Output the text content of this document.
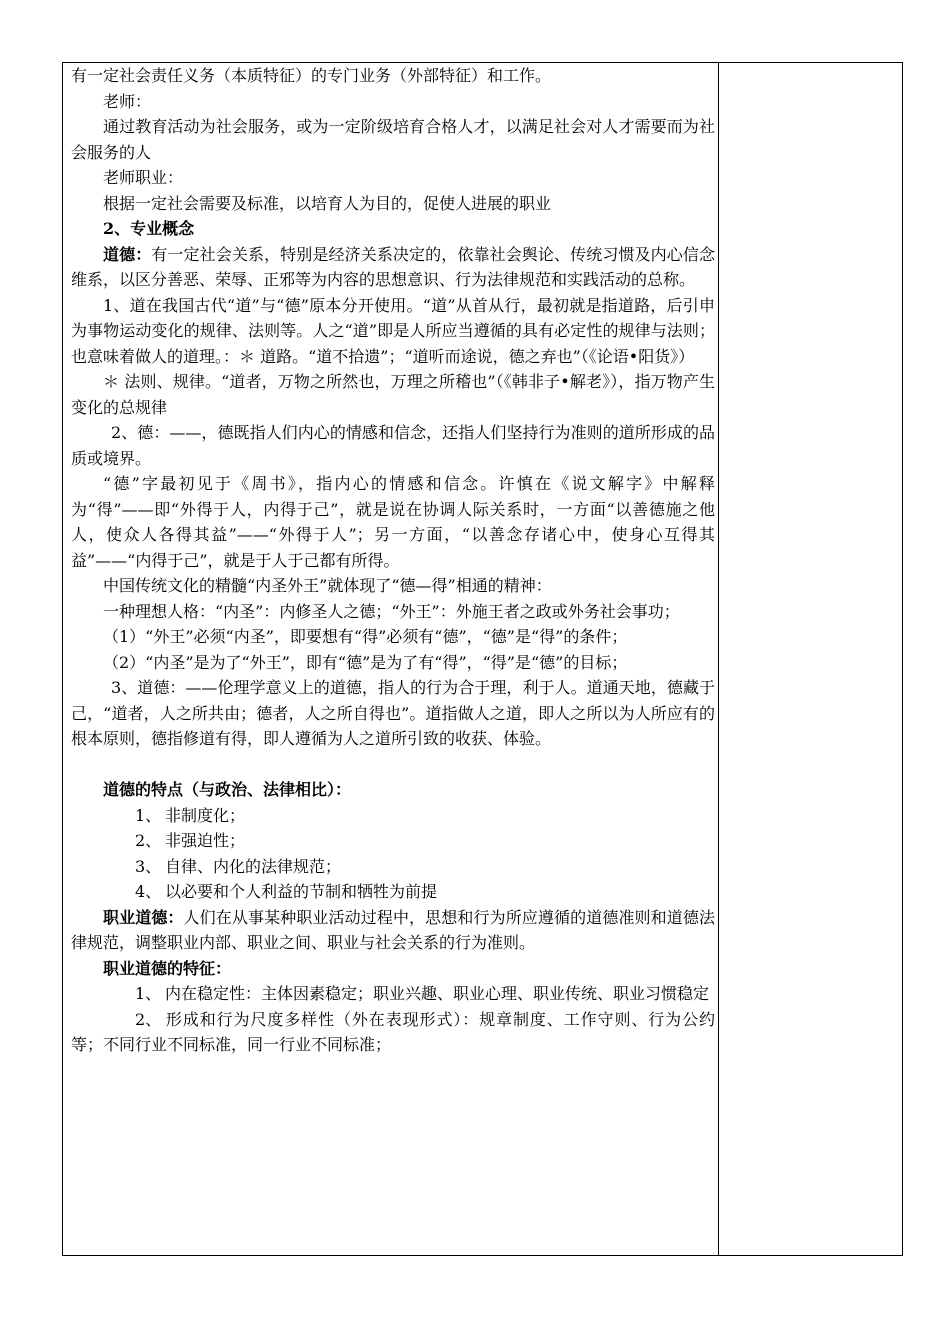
有一定社会责任义务（本质特征）的专门业务（外部特征）和工作。

老师：

通过教育活动为社会服务，或为一定阶级培育合格人才，以满足社会对人才需要而为社会服务的人

老师职业：

根据一定社会需要及标准，以培育人为目的，促使人进展的职业

2、专业概念

道德：有一定社会关系，特别是经济关系决定的，依靠社会舆论、传统习惯及内心信念维系，以区分善恶、荣辱、正邪等为内容的思想意识、行为法律规范和实践活动的总称。

1、道在我国古代“道”与“德”原本分开使用。“道”从首从行，最初就是指道路，后引申为事物运动变化的规律、法则等。人之“道”即是人所应当遵循的具有必定性的规律与法则；也意味着做人的道理。：＊ 道路。“道不拾遗”；“道听而途说，德之弃也”（《论语•阳货》）

＊ 法则、规律。“道者，万物之所然也，万理之所稽也”（《韩非子•解老》），指万物产生变化的总规律

2、德：——，德既指人们内心的情感和信念，还指人们坚持行为准则的道所形成的品质或境界。

“德”字最初见于《周书》，指内心的情感和信念。许慎在《说文解字》中解释为“得”——即“外得于人，内得于己”，就是说在协调人际关系时，一方面“以善德施之他人，使众人各得其益”——“外得于人”；另一方面，“以善念存诸心中，使身心互得其益”——“内得于己”，就是于人于己都有所得。

中国传统文化的精髓“内圣外王”就体现了“德—得”相通的精神：

一种理想人格：“内圣”：内修圣人之德；“外王”：外施王者之政或外务社会事功；

（1）“外王”必须“内圣”，即要想有“得”必须有“德”，“德”是“得”的条件；

（2）“内圣”是为了“外王”，即有“德”是为了有“得”，“得”是“德”的目标；

3、道德：——伦理学意义上的道德，指人的行为合于理，利于人。道通天地，德藏于己，“道者，人之所共由；德者，人之所自得也”。道指做人之道，即人之所以为人所应有的根本原则，德指修道有得，即人遵循为人之道所引致的收获、体验。

道德的特点（与政治、法律相比）：

1、 非制度化；

2、 非强迫性；

3、 自律、内化的法律规范；

4、 以必要和个人利益的节制和牺牲为前提

职业道德：人们在从事某种职业活动过程中，思想和行为所应遵循的道德准则和道德法律规范，调整职业内部、职业之间、职业与社会关系的行为准则。

职业道德的特征：

1、 内在稳定性：主体因素稳定；职业兴趣、职业心理、职业传统、职业习惯稳定

2、 形成和行为尺度多样性（外在表现形式）：规章制度、工作守则、行为公约等；不同行业不同标准，同一行业不同标准；
